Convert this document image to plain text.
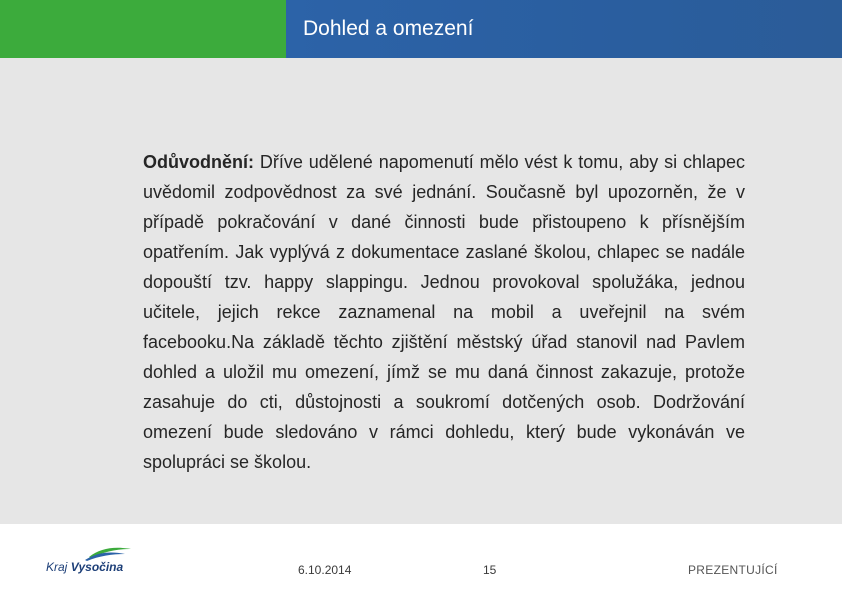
Dohled a omezení

Odůvodnění: Dříve udělené napomenutí mělo vést k tomu, aby si chlapec uvědomil zodpovědnost za své jednání. Současně byl upozorněn, že v případě pokračování v dané činnosti bude přistoupeno k přísnějším opatřením. Jak vyplývá z dokumentace zaslané školou, chlapec se nadále dopouští tzv. happy slappingu. Jednou provokoval spolužáka, jednou učitele, jejich rekce zaznamenal na mobil a uveřejnil na svém facebooku.Na základě těchto zjištění městský úřad stanovil nad Pavlem dohled a uložil mu omezení, jímž se mu daná činnost zakazuje, protože zasahuje do cti, důstojnosti a soukromí dotčených osob. Dodržování omezení bude sledováno v rámci dohledu, který bude vykonáván ve spolupráci se školou.

Kraj Vysočina	6.10.2014	15	PREZENTUJÍCÍ
